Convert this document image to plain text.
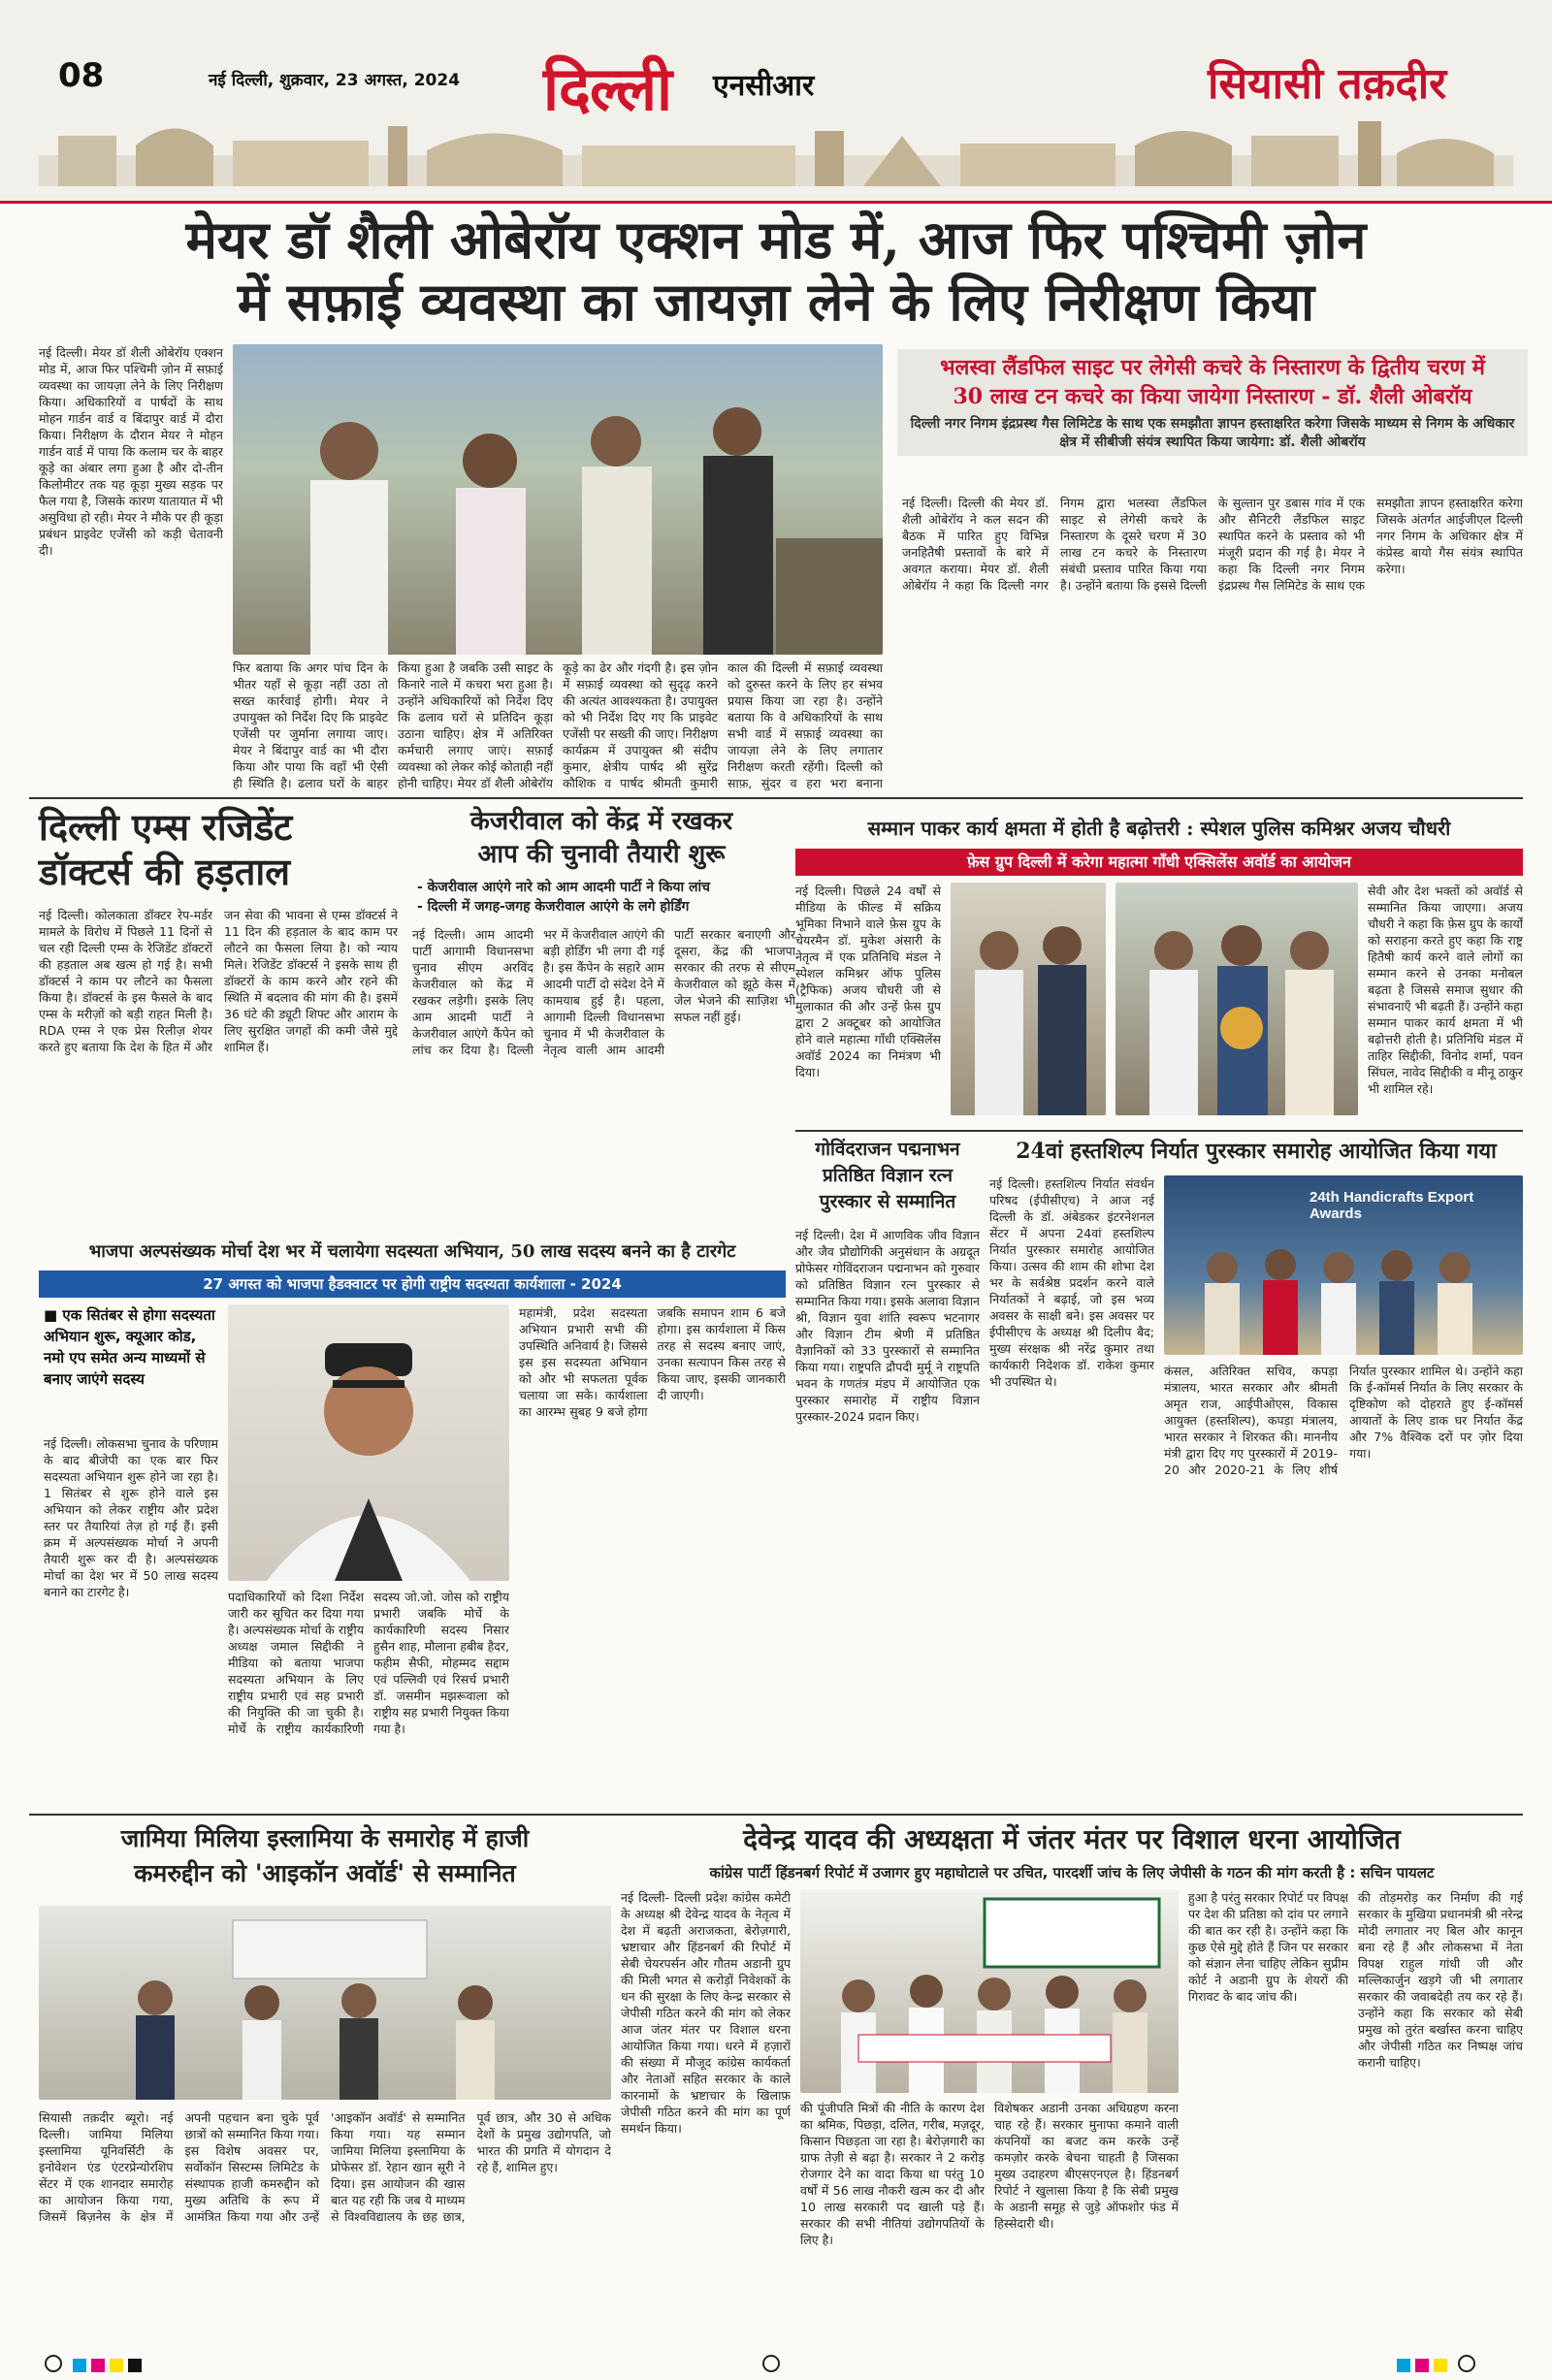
08	नई दिल्ली, शुक्रवार, 23 अगस्त, 2024 दिल्ली एनसीआर	सियासी तक़दीर
मेयर डॉ शैली ओबेरॉय एक्शन मोड में, आज फिर पश्चिमी ज़ोन
में सफ़ाई व्यवस्था का जायज़ा लेने के लिए निरीक्षण किया
नई दिल्ली। मेयर डॉ शैली ओबेरॉय एक्शन मोड में, आज फिर पश्चिमी ज़ोन में सफ़ाई व्यवस्था का जायज़ा लेने के लिए निरीक्षण किया। अधिकारियों व पार्षदों के साथ मोहन गार्डन वार्ड व बिंदापुर वार्ड में दौरा किया। निरीक्षण के दौरान मेयर ने मोहन गार्डन वार्ड में पाया कि कलाम चर के बाहर कूड़े का अंबार लगा हुआ है और दो-तीन किलोमीटर तक यह कूड़ा मुख्य सड़क पर फैल गया है, जिसके कारण यातायात में भी असुविधा हो रही। मेयर ने मौके पर ही कूड़ा प्रबंधन प्राइवेट एजेंसी को कड़ी चेतावनी दी।
फिर बताया कि अगर पांच दिन के भीतर यहाँ से कूड़ा नहीं उठा तो सख्त कार्रवाई होगी। मेयर ने उपायुक्त को निर्देश दिए कि प्राइवेट एजेंसी पर जुर्माना लगाया जाए। मेयर ने बिंदापुर वार्ड का भी दौरा किया और पाया कि वहाँ भी ऐसी ही स्थिति है। ढलाव घरों के बाहर
किया हुआ है जबकि उसी साइट के किनारे नाले में कचरा भरा हुआ है। उन्होंने अधिकारियों को निर्देश दिए कि ढलाव घरों से प्रतिदिन कूड़ा उठाना चाहिए। क्षेत्र में अतिरिक्त कर्मचारी लगाए जाएं। सफ़ाई व्यवस्था को लेकर कोई कोताही नहीं होनी चाहिए। मेयर डॉ शैली ओबेरॉय
कूड़े का ढेर और गंदगी है। इस ज़ोन में सफ़ाई व्यवस्था को सुदृढ़ करने की अत्यंत आवश्यकता है। उपायुक्त को भी निर्देश दिए गए कि प्राइवेट एजेंसी पर सख्ती की जाए। निरीक्षण कार्यक्रम में उपायुक्त श्री संदीप कुमार, क्षेत्रीय पार्षद श्री सुरेंद्र कौशिक व पार्षद श्रीमती कुमारी
काल की दिल्ली में सफ़ाई व्यवस्था को दुरुस्त करने के लिए हर संभव प्रयास किया जा रहा है। उन्होंने बताया कि वे अधिकारियों के साथ सभी वार्ड में सफ़ाई व्यवस्था का जायज़ा लेने के लिए लगातार निरीक्षण करती रहेंगी। दिल्ली को साफ़, सुंदर व हरा भरा बनाना
भलस्वा लैंडफिल साइट पर लेगेसी कचरे के निस्तारण के द्वितीय चरण में
30 लाख टन कचरे का किया जायेगा निस्तारण - डॉ. शैली ओबरॉय
दिल्ली नगर निगम इंद्रप्रस्थ गैस लिमिटेड के साथ एक समझौता ज्ञापन हस्ताक्षरित करेगा जिसके माध्यम से निगम के अधिकार क्षेत्र में सीबीजी संयंत्र स्थापित किया जायेगा: डॉ. शैली ओबरॉय
नई दिल्ली। दिल्ली की मेयर डॉ. शैली ओबेरॉय ने कल सदन की बैठक में पारित हुए विभिन्न जनहितैषी प्रस्तावों के बारे में अवगत कराया। मेयर डॉ. शैली ओबेरॉय ने कहा कि दिल्ली नगर निगम द्वारा भलस्वा लैंडफिल साइट से लेगेसी कचरे के निस्तारण के दूसरे चरण में 30 लाख टन कचरे के निस्तारण संबंधी प्रस्ताव पारित किया गया है। उन्होंने बताया कि इससे दिल्ली के सुल्तान पुर डबास गांव में एक और सैनिटरी लैंडफिल साइट स्थापित करने के प्रस्ताव को भी मंजूरी प्रदान की गई है। मेयर ने कहा कि दिल्ली नगर निगम इंद्रप्रस्थ गैस लिमिटेड के साथ एक समझौता ज्ञापन हस्ताक्षरित करेगा जिसके अंतर्गत आईजीएल दिल्ली नगर निगम के अधिकार क्षेत्र में कंप्रेस्ड बायो गैस संयंत्र स्थापित करेगा।
दिल्ली एम्स रजिडेंट
डॉक्टर्स की हड़ताल
नई दिल्ली। कोलकाता डॉक्टर रेप-मर्डर मामले के विरोध में पिछले 11 दिनों से चल रही दिल्ली एम्स के रेजिडेंट डॉक्टरों की हड़ताल अब खत्म हो गई है। सभी डॉक्टर्स ने काम पर लौटने का फैसला किया है। डॉक्टर्स के इस फैसले के बाद एम्स के मरीज़ों को बड़ी राहत मिली है। RDA एम्स ने एक प्रेस रिलीज़ शेयर करते हुए बताया कि देश के हित में और जन सेवा की भावना से एम्स डॉक्टर्स ने 11 दिन की हड़ताल के बाद काम पर लौटने का फैसला लिया है। को न्याय मिले। रेजिडेंट डॉक्टर्स ने इसके साथ ही डॉक्टरों के काम करने और रहने की स्थिति में बदलाव की मांग की है। इसमें 36 घंटे की ड्यूटी शिफ्ट और आराम के लिए सुरक्षित जगहों की कमी जैसे मुद्दे शामिल हैं।
केजरीवाल को केंद्र में रखकर
आप की चुनावी तैयारी शुरू
- केजरीवाल आएंगे नारे को आम आदमी पार्टी ने किया लांच
- दिल्ली में जगह-जगह केजरीवाल आएंगे के लगे होर्डिंग
नई दिल्ली। आम आदमी पार्टी आगामी विधानसभा चुनाव सीएम अरविंद केजरीवाल को केंद्र में रखकर लड़ेगी। इसके लिए आम आदमी पार्टी ने केजरीवाल आएंगे कैंपेन को लांच कर दिया है। दिल्ली भर में केजरीवाल आएंगे की बड़ी होर्डिंग भी लगा दी गई है। इस कैंपेन के सहारे आम आदमी पार्टी दो संदेश देने में कामयाब हुई है। पहला, आगामी दिल्ली विधानसभा चुनाव में भी केजरीवाल के नेतृत्व वाली आम आदमी पार्टी सरकार बनाएगी और दूसरा, केंद्र की भाजपा सरकार की तरफ से सीएम केजरीवाल को झूठे केस में जेल भेजने की साज़िश भी सफल नहीं हुई।
सम्मान पाकर कार्य क्षमता में होती है बढ़ोत्तरी : स्पेशल पुलिस कमिश्नर अजय चौधरी
फ़ेस ग्रुप दिल्ली में करेगा महात्मा गाँधी एक्सिलेंस अवॉर्ड का आयोजन
नई दिल्ली। पिछले 24 वर्षों से मीडिया के फील्ड में सक्रिय भूमिका निभाने वाले फ़ेस ग्रुप के चेयरमैन डॉ. मुकेश अंसारी के नेतृत्व में एक प्रतिनिधि मंडल ने स्पेशल कमिश्नर ऑफ पुलिस (ट्रैफिक) अजय चौधरी जी से मुलाकात की और उन्हें फ़ेस ग्रुप द्वारा 2 अक्टूबर को आयोजित होने वाले महात्मा गाँधी एक्सिलेंस अवॉर्ड 2024 का निमंत्रण भी दिया।
सेवी और देश भक्तों को अवॉर्ड से सम्मानित किया जाएगा। अजय चौधरी ने कहा कि फ़ेस ग्रुप के कार्यों को सराहना करते हुए कहा कि राष्ट्र हितैषी कार्य करने वाले लोगों का सम्मान करने से उनका मनोबल बढ़ता है जिससे समाज सुधार की संभावनाएँ भी बढ़ती हैं। उन्होंने कहा सम्मान पाकर कार्य क्षमता में भी बढ़ोत्तरी होती है। प्रतिनिधि मंडल में ताहिर सिद्दीकी, विनोद शर्मा, पवन सिंघल, नावेद सिद्दीकी व मीनू ठाकुर भी शामिल रहे।
गोविंदराजन पद्मनाभन
प्रतिष्ठित विज्ञान रत्न
पुरस्कार से सम्मानित
नई दिल्ली। देश में आणविक जीव विज्ञान और जैव प्रौद्योगिकी अनुसंधान के अग्रदूत प्रोफेसर गोविंदराजन पद्मनाभन को गुरुवार को प्रतिष्ठित विज्ञान रत्न पुरस्कार से सम्मानित किया गया। इसके अलावा विज्ञान श्री, विज्ञान युवा शांति स्वरूप भटनागर और विज्ञान टीम श्रेणी में प्रतिष्ठित वैज्ञानिकों को 33 पुरस्कारों से सम्मानित किया गया। राष्ट्रपति द्रौपदी मुर्मू ने राष्ट्रपति भवन के गणतंत्र मंडप में आयोजित एक पुरस्कार समारोह में राष्ट्रीय विज्ञान पुरस्कार-2024 प्रदान किए।
24वां हस्तशिल्प निर्यात पुरस्कार समारोह आयोजित किया गया
नई दिल्ली। हस्तशिल्प निर्यात संवर्धन परिषद (ईपीसीएच) ने आज नई दिल्ली के डॉ. अंबेडकर इंटरनेशनल सेंटर में अपना 24वां हस्तशिल्प निर्यात पुरस्कार समारोह आयोजित किया। उत्सव की शाम की शोभा देश भर के सर्वश्रेष्ठ प्रदर्शन करने वाले निर्यातकों ने बढ़ाई, जो इस भव्य अवसर के साक्षी बने। इस अवसर पर ईपीसीएच के अध्यक्ष श्री दिलीप बैद; मुख्य संरक्षक श्री नरेंद्र कुमार तथा कार्यकारी निदेशक डॉ. राकेश कुमार भी उपस्थित थे।
24th Handicrafts Export Awards
कंसल, अतिरिक्त सचिव, कपड़ा मंत्रालय, भारत सरकार और श्रीमती अमृत राज, आईपीओएस, विकास आयुक्त (हस्तशिल्प), कपड़ा मंत्रालय, भारत सरकार ने शिरकत की। माननीय मंत्री द्वारा दिए गए पुरस्कारों में 2019-20 और 2020-21 के लिए शीर्ष निर्यात पुरस्कार शामिल थे। उन्होंने कहा कि ई-कॉमर्स निर्यात के लिए सरकार के दृष्टिकोण को दोहराते हुए ई-कॉमर्स आयातों के लिए डाक घर निर्यात केंद्र और 7% वैश्विक दरों पर ज़ोर दिया गया।
भाजपा अल्पसंख्यक मोर्चा देश भर में चलायेगा सदस्यता अभियान, 50 लाख सदस्य बनने का है टारगेट
27 अगस्त को भाजपा हैडक्वाटर पर होगी राष्ट्रीय सदस्यता कार्यशाला - 2024
■ एक सितंबर से होगा सदस्यता अभियान शुरू, क्यूआर कोड, नमो एप समेत अन्य माध्यमों से बनाए जाएंगे सदस्य
नई दिल्ली। लोकसभा चुनाव के परिणाम के बाद बीजेपी का एक बार फिर सदस्यता अभियान शुरू होने जा रहा है। 1 सितंबर से शुरू होने वाले इस अभियान को लेकर राष्ट्रीय और प्रदेश स्तर पर तैयारियां तेज़ हो गई हैं। इसी क्रम में अल्पसंख्यक मोर्चा ने अपनी तैयारी शुरू कर दी है। अल्पसंख्यक मोर्चा का देश भर में 50 लाख सदस्य बनाने का टारगेट है।	पदाधिकारियों को दिशा निर्देश जारी कर सूचित कर दिया गया है। अल्पसंख्यक मोर्चा के राष्ट्रीय अध्यक्ष जमाल सिद्दीकी ने मीडिया को बताया भाजपा सदस्यता अभियान के लिए राष्ट्रीय प्रभारी एवं सह प्रभारी की नियुक्ति की जा चुकी है। मोर्चे के राष्ट्रीय कार्यकारिणी सदस्य जो.जो. जोस को राष्ट्रीय प्रभारी जबकि मोर्चे के कार्यकारिणी सदस्य निसार हुसैन शाह, मौलाना हबीब हैदर, फहीम सैफी, मोहम्मद सद्दाम एवं पल्लिवी एवं रिसर्च प्रभारी डॉ. जसमीन मझरूवाला को राष्ट्रीय सह प्रभारी नियुक्त किया गया है।
महामंत्री, प्रदेश सदस्यता अभियान प्रभारी सभी की उपस्थिति अनिवार्य है। जिससे इस इस सदस्यता अभियान को और भी सफलता पूर्वक चलाया जा सके। कार्यशाला का आरम्भ सुबह 9 बजे होगा जबकि समापन शाम 6 बजे होगा। इस कार्यशाला में किस तरह से सदस्य बनाए जाएं, उनका सत्यापन किस तरह से किया जाए, इसकी जानकारी दी जाएगी।
जामिया मिलिया इस्लामिया के समारोह में हाजी
कमरुद्दीन को 'आइकॉन अवॉर्ड' से सम्मानित
सियासी तक़दीर ब्यूरो। नई दिल्ली। जामिया मिलिया इस्लामिया यूनिवर्सिटी के इनोवेशन एंड एंटरप्रेन्योरशिप सेंटर में एक शानदार समारोह का आयोजन किया गया, जिसमें बिज़नेस के क्षेत्र में अपनी पहचान बना चुके पूर्व छात्रों को सम्मानित किया गया। इस विशेष अवसर पर, सर्वोकॉन सिस्टम्स लिमिटेड के संस्थापक हाजी कमरुद्दीन को मुख्य अतिथि के रूप में आमंत्रित किया गया और उन्हें 'आइकॉन अवॉर्ड' से सम्मानित किया गया। यह सम्मान जामिया मिलिया इस्लामिया के प्रोफेसर डॉ. रेहान खान सूरी ने दिया। इस आयोजन की खास बात यह रही कि जब ये माध्यम से विश्वविद्यालय के छह छात्र, पूर्व छात्र, और 30 से अधिक देशों के प्रमुख उद्योगपति, जो भारत की प्रगति में योगदान दे रहे हैं, शामिल हुए।
देवेन्द्र यादव की अध्यक्षता में जंतर मंतर पर विशाल धरना आयोजित
कांग्रेस पार्टी हिंडनबर्ग रिपोर्ट में उजागर हुए महाघोटाले पर उचित, पारदर्शी जांच के लिए जेपीसी के गठन की मांग करती है : सचिन पायलट
नई दिल्ली- दिल्ली प्रदेश कांग्रेस कमेटी के अध्यक्ष श्री देवेन्द्र यादव के नेतृत्व में देश में बढ़ती अराजकता, बेरोज़गारी, भ्रष्टाचार और हिंडनबर्ग की रिपोर्ट में सेबी चेयरपर्सन और गौतम अडानी ग्रुप की मिली भगत से करोड़ों निवेशकों के धन की सुरक्षा के लिए केन्द्र सरकार से जेपीसी गठित करने की मांग को लेकर आज जंतर मंतर पर विशाल धरना आयोजित किया गया। धरने में हज़ारों की संख्या में मौजूद कांग्रेस कार्यकर्ता और नेताओं सहित सरकार के काले कारनामों के भ्रष्टाचार के खिलाफ़ जेपीसी गठित करने की मांग का पूर्ण समर्थन किया।
की पूंजीपति मित्रों की नीति के कारण देश का श्रमिक, पिछड़ा, दलित, गरीब, मज़दूर, किसान पिछड़ता जा रहा है। बेरोज़गारी का ग्राफ तेज़ी से बढ़ा है। सरकार ने 2 करोड़ रोजगार देने का वादा किया था परंतु 10 वर्षों में 56 लाख नौकरी खत्म कर दी और 10 लाख सरकारी पद खाली पड़े हैं। सरकार की सभी नीतियां उद्योगपतियों के लिए है।
विशेषकर अडानी उनका अधिग्रहण करना चाह रहे हैं। सरकार मुनाफा कमाने वाली कंपनियों का बजट कम करके उन्हें कमज़ोर करके बेचना चाहती है जिसका मुख्य उदाहरण बीएसएनएल है। हिंडनबर्ग रिपोर्ट ने खुलासा किया है कि सेबी प्रमुख के अडानी समूह से जुड़े ऑफशोर फंड में हिस्सेदारी थी।
हुआ है परंतु सरकार रिपोर्ट पर विपक्ष पर देश की प्रतिष्ठा को दांव पर लगाने की बात कर रही है। उन्होंने कहा कि कुछ ऐसे मुद्दे होते हैं जिन पर सरकार को संज्ञान लेना चाहिए लेकिन सुप्रीम कोर्ट ने अडानी ग्रुप के शेयरों की गिरावट के बाद जांच की।
की तोड़मरोड़ कर निर्माण की गई सरकार के मुखिया प्रधानमंत्री श्री नरेन्द्र मोदी लगातार नए बिल और कानून बना रहे हैं और लोकसभा में नेता विपक्ष राहुल गांधी जी और मल्लिकार्जुन खड़गे जी भी लगातार सरकार की जवाबदेही तय कर रहे हैं। उन्होंने कहा कि सरकार को सेबी प्रमुख को तुरंत बर्खास्त करना चाहिए और जेपीसी गठित कर निष्पक्ष जांच करानी चाहिए।
